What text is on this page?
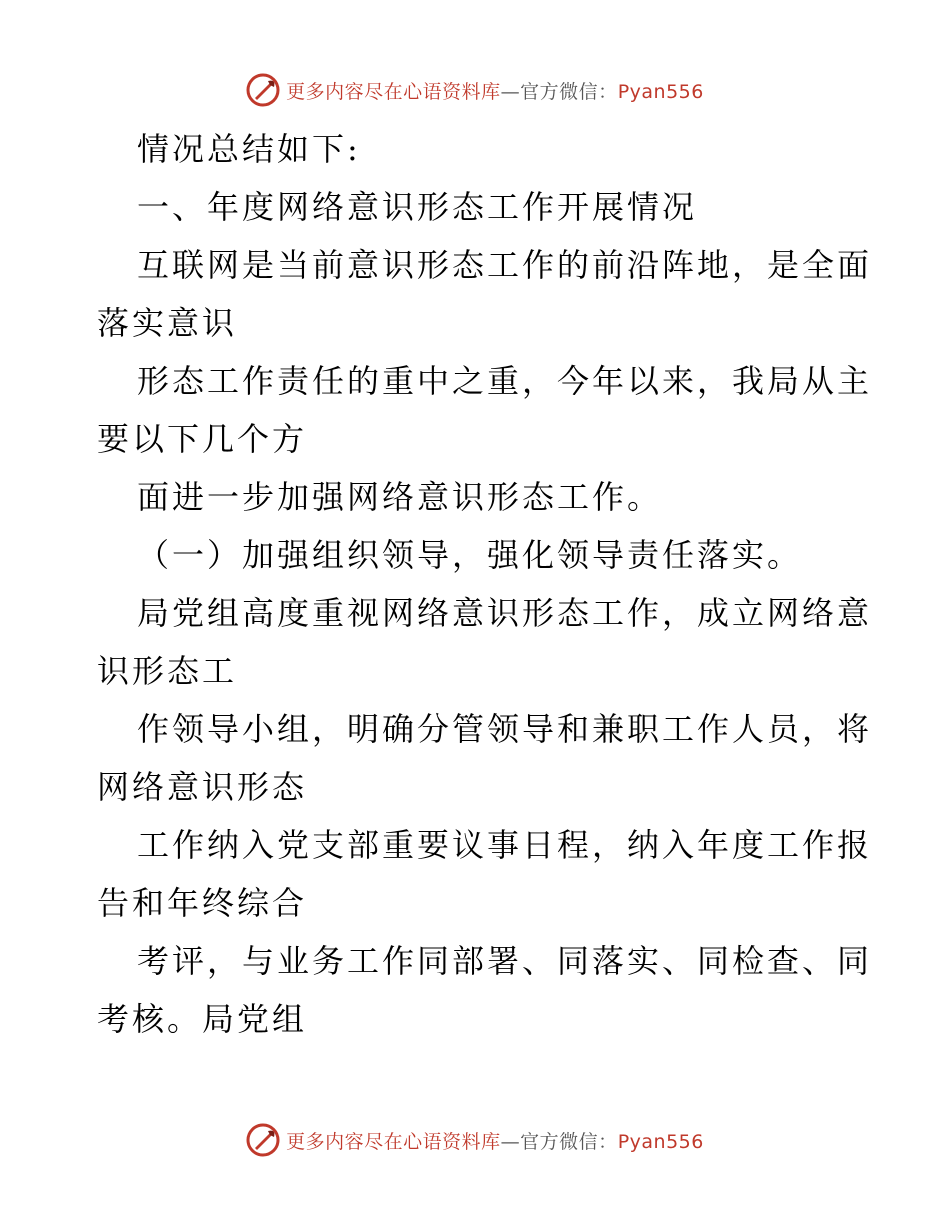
更多内容尽在心语资料库—官方微信：Pyan556
情况总结如下:
一、年度网络意识形态工作开展情况
互联网是当前意识形态工作的前沿阵地，是全面
落实意识
形态工作责任的重中之重，今年以来，我局从主
要以下几个方
面进一步加强网络意识形态工作。
（一）加强组织领导，强化领导责任落实。
局党组高度重视网络意识形态工作，成立网络意
识形态工
作领导小组，明确分管领导和兼职工作人员，将
网络意识形态
工作纳入党支部重要议事日程，纳入年度工作报
告和年终综合
考评，与业务工作同部署、同落实、同检查、同
考核。局党组
更多内容尽在心语资料库—官方微信：Pyan556
